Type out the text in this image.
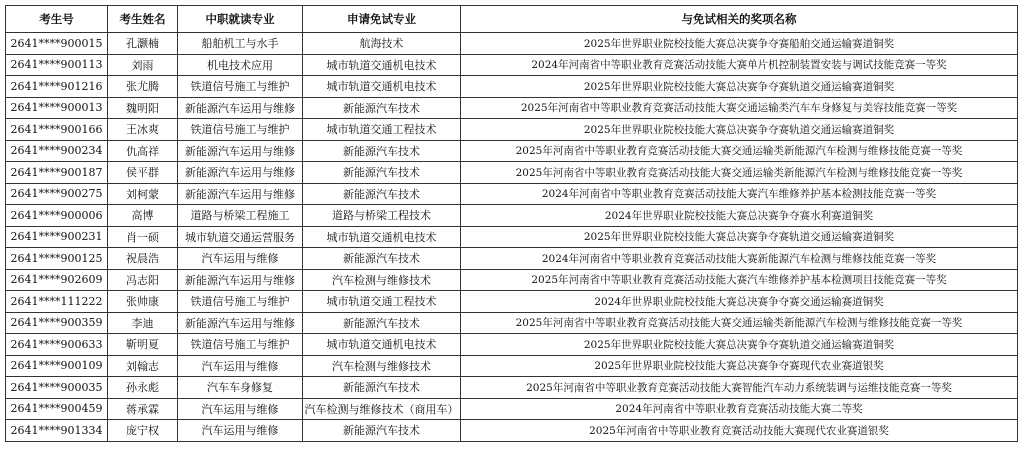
考生号	考生姓名	中职就读专业	申请免试专业	与免试相关的奖项名称
2641****900015	孔灏楠	船舶机工与水手	航海技术	2025年世界职业院校技能大赛总决赛争夺赛船舶交通运输赛道铜奖
2641****900113	刘雨	机电技术应用	城市轨道交通机电技术	2024年河南省中等职业教育竞赛活动技能大赛单片机控制装置安装与调试技能竞赛一等奖
2641****901216	张尤腾	铁道信号施工与维护	城市轨道交通机电技术	2025年世界职业院校技能大赛总决赛争夺赛轨道交通运输赛道铜奖
2641****900013	魏明阳	新能源汽车运用与维修	新能源汽车技术	2025年河南省中等职业教育竞赛活动技能大赛交通运输类汽车车身修复与美容技能竞赛一等奖
2641****900166	王冰爽	铁道信号施工与维护	城市轨道交通工程技术	2025年世界职业院校技能大赛总决赛争夺赛轨道交通运输赛道铜奖
2641****900234	仇高祥	新能源汽车运用与维修	新能源汽车技术	2025年河南省中等职业教育竞赛活动技能大赛交通运输类新能源汽车检测与维修技能竞赛一等奖
2641****900187	侯平群	新能源汽车运用与维修	新能源汽车技术	2025年河南省中等职业教育竞赛活动技能大赛交通运输类新能源汽车检测与维修技能竞赛一等奖
2641****900275	刘柯蒙	新能源汽车运用与维修	新能源汽车技术	2024年河南省中等职业教育竞赛活动技能大赛汽车维修养护基本检测技能竞赛一等奖
2641****900006	高博	道路与桥梁工程施工	道路与桥梁工程技术	2024年世界职业院校技能大赛总决赛争夺赛水利赛道铜奖
2641****900231	肖一硕	城市轨道交通运营服务	城市轨道交通机电技术	2025年世界职业院校技能大赛总决赛争夺赛轨道交通运输赛道铜奖
2641****900125	祝晨浩	汽车运用与维修	新能源汽车技术	2024年河南省中等职业教育竞赛活动技能大赛新能源汽车检测与维修技能竞赛一等奖
2641****902609	冯志阳	新能源汽车运用与维修	汽车检测与维修技术	2025年河南省中等职业教育竞赛活动技能大赛汽车维修养护基本检测项目技能竞赛一等奖
2641****111222	张帅康	铁道信号施工与维护	城市轨道交通工程技术	2024年世界职业院校技能大赛总决赛争夺赛交通运输赛道铜奖
2641****900359	李迪	新能源汽车运用与维修	新能源汽车技术	2025年河南省中等职业教育竞赛活动技能大赛交通运输类新能源汽车检测与维修技能竞赛一等奖
2641****900633	靳明夏	铁道信号施工与维护	城市轨道交通机电技术	2025年世界职业院校技能大赛总决赛争夺赛轨道交通运输赛道铜奖
2641****900109	刘翰志	汽车运用与维修	汽车检测与维修技术	2025年世界职业院校技能大赛总决赛争夺赛现代农业赛道银奖
2641****900035	孙永彪	汽车车身修复	新能源汽车技术	2025年河南省中等职业教育竞赛活动技能大赛智能汽车动力系统装调与运维技能竞赛一等奖
2641****900459	蒋承霖	汽车运用与维修	汽车检测与维修技术（商用车）	2024年河南省中等职业教育竞赛活动技能大赛二等奖
2641****901334	庞宁权	汽车运用与维修	新能源汽车技术	2025年河南省中等职业教育竞赛活动技能大赛现代农业赛道银奖
